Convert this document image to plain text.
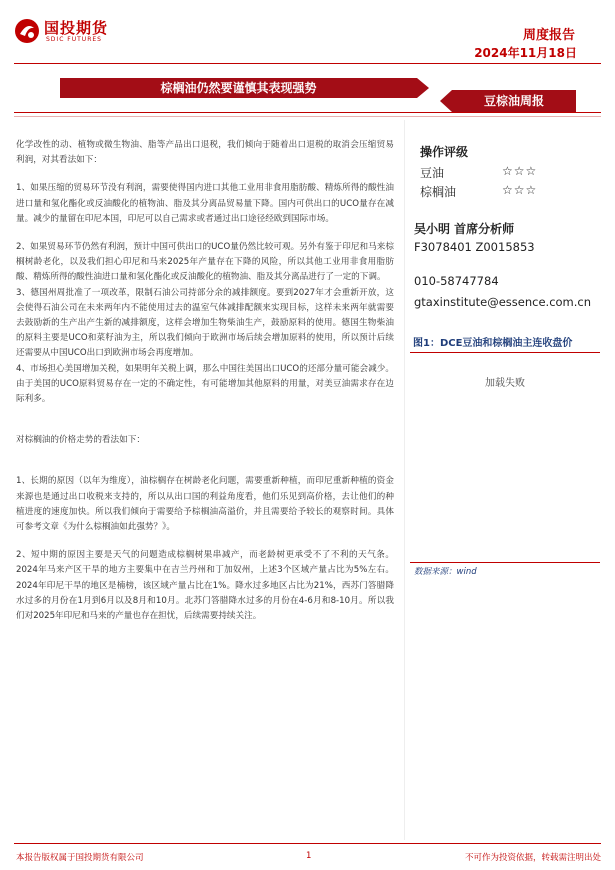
国投期货
SDIC FUTURES	周度报告
2024年11月18日
棕榈油仍然要谨慎其表现强势
豆棕油周报

化学改性的动、植物或微生物油、脂等产品出口退税，我们倾向于随着出口退税的取消会压缩贸易利润，对其看法如下：

1、如果压缩的贸易环节没有利润，需要使得国内进口其他工业用非食用脂肪酸、精炼所得的酸性油进口量和氢化酯化或反油酸化的植物油、脂及其分离品贸易量下降。国内可供出口的UCO量存在减量。减少的量留在印尼本国，印尼可以自己需求或者通过出口途径经欧到国际市场。

2、如果贸易环节仍然有利润，预计中国可供出口的UCO量仍然比较可观。另外有鉴于印尼和马来棕榈树龄老化，以及我们担心印尼和马来2025年产量存在下降的风险，所以其他工业用非食用脂肪酸、精炼所得的酸性油进口量和氢化酯化或反油酸化的植物油、脂及其分离品进行了一定的下调。

3、德国州周批准了一项改革，限制石油公司持部分余的减排额度。要到2027年才会重新开放，这会使得石油公司在未来两年内不能使用过去的温室气体减排配额来实现目标，这样未来两年就需要去鼓励新的生产出产生新的减排额度，这样会增加生物柴油生产，鼓励原料的使用。德国生物柴油的原料主要是UCO和菜籽油为主，所以我们倾向于欧洲市场后续会增加原料的使用，所以预计后续还需要从中国UCO出口到欧洲市场会再度增加。

4、市场担心美国增加关税，如果明年关税上调，那么中国往美国出口UCO的还部分量可能会减少。由于美国的UCO原料贸易存在一定的不确定性，有可能增加其他原料的用量，对美豆油需求存在边际利多。

对棕榈油的价格走势的看法如下：

1、长期的原因（以年为维度），油棕榈存在树龄老化问题，需要重新种植，而印尼重新种植的资金来源也是通过出口收税来支持的，所以从出口国的利益角度看，他们乐见到高价格，去让他们的种植进度的速度加快。所以我们倾向于需要给予棕榈油高溢价，并且需要给予较长的观察时间。具体可参考文章《为什么棕榈油如此强势？》。

2、短中期的原因主要是天气的问题造成棕榈树果串减产，而老龄树更承受不了不利的天气条。2024年马来产区干旱的地方主要集中在吉兰丹州和丁加奴州，上述3个区域产量占比为5%左右。2024年印尼干旱的地区是楠榜，该区域产量占比在1%。降水过多地区占比为21%，西苏门答腊降水过多的月份在1月到6月以及8月和10月。北苏门答腊降水过多的月份在4-6月和8-10月。所以我们对2025年印尼和马来的产量也存在担忧，后续需要持续关注。

操作评级
豆油	☆☆☆
棕榈油	☆☆☆
吴小明 首席分析师
F3078401 Z0015853
010-58747784
gtaxinstitute@essence.com.cn
图1：DCE豆油和棕榈油主连收盘价
加载失败
数据来源：wind
本报告版权属于国投期货有限公司	1	不可作为投资依据，转载需注明出处
